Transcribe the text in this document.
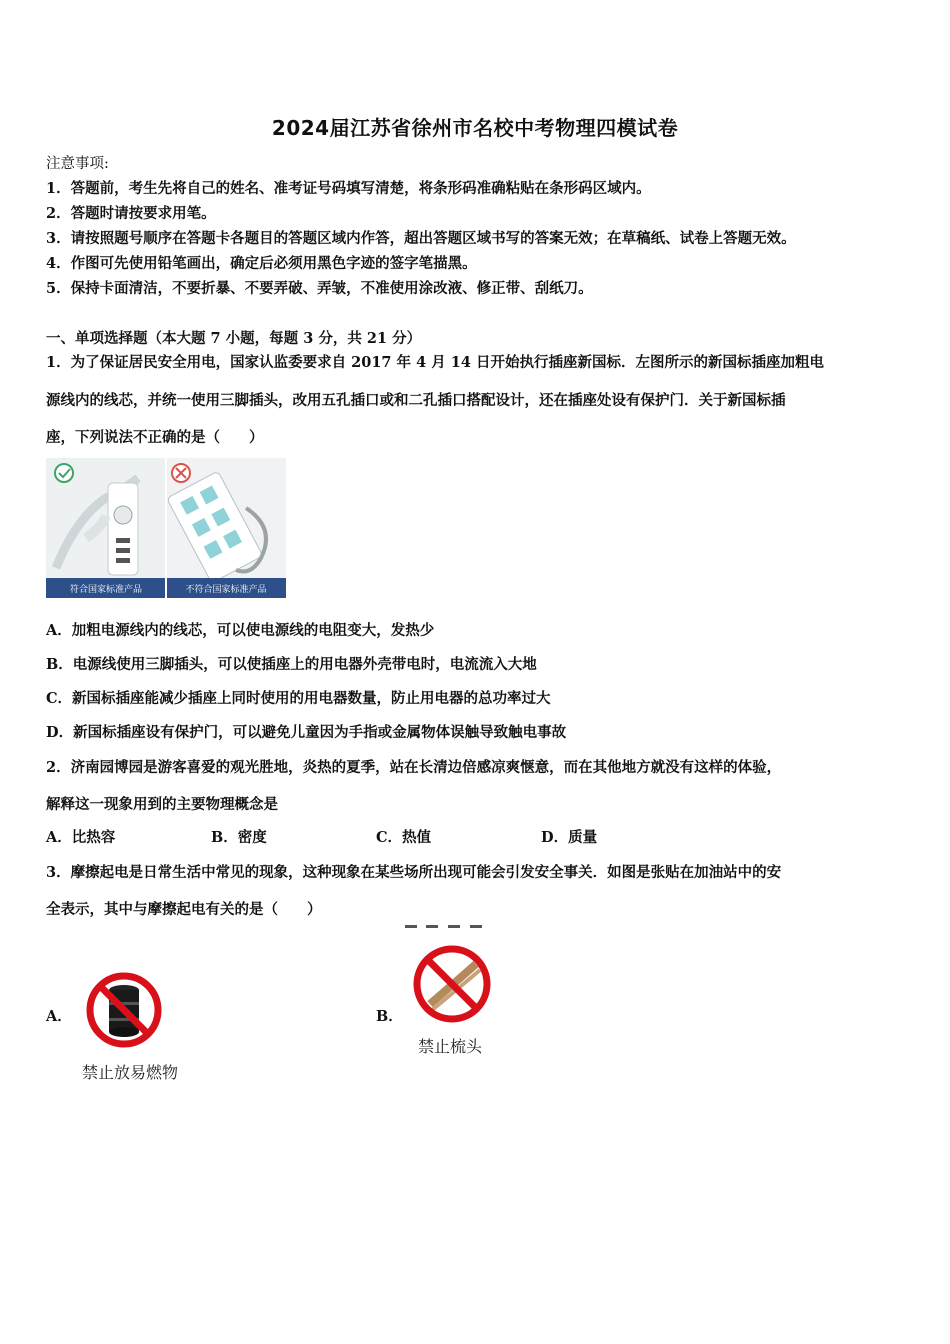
2024届江苏省徐州市名校中考物理四模试卷
注意事项:
1．答题前，考生先将自己的姓名、准考证号码填写清楚，将条形码准确粘贴在条形码区域内。
2．答题时请按要求用笔。
3．请按照题号顺序在答题卡各题目的答题区域内作答，超出答题区域书写的答案无效；在草稿纸、试卷上答题无效。
4．作图可先使用铅笔画出，确定后必须用黑色字迹的签字笔描黑。
5．保持卡面清洁，不要折暴、不要弄破、弄皱，不准使用涂改液、修正带、刮纸刀。
一、单项选择题（本大题 7 小题，每题 3 分，共 21 分）
1．为了保证居民安全用电，国家认监委要求自 2017 年 4 月 14 日开始执行插座新国标．左图所示的新国标插座加粗电
源线内的线芯，并统一使用三脚插头，改用五孔插口或和二孔插口搭配设计，还在插座处设有保护门．关于新国标插
座，下列说法不正确的是（　　）
符合国家标准产品	不符合国家标准产品
A．加粗电源线内的线芯，可以使电源线的电阻变大，发热少
B．电源线使用三脚插头，可以使插座上的用电器外壳带电时，电流流入大地
C．新国标插座能减少插座上同时使用的用电器数量，防止用电器的总功率过大
D．新国标插座设有保护门，可以避免儿童因为手指或金属物体误触导致触电事故
2．济南园博园是游客喜爱的观光胜地，炎热的夏季，站在长清边倍感凉爽惬意，而在其他地方就没有这样的体验，
解释这一现象用到的主要物理概念是
A．比热容	B．密度	C．热值	D．质量
3．摩擦起电是日常生活中常见的现象，这种现象在某些场所出现可能会引发安全事关．如图是张贴在加油站中的安
全表示，其中与摩擦起电有关的是（　　）
A．
禁止放易燃物
B．
禁止梳头
